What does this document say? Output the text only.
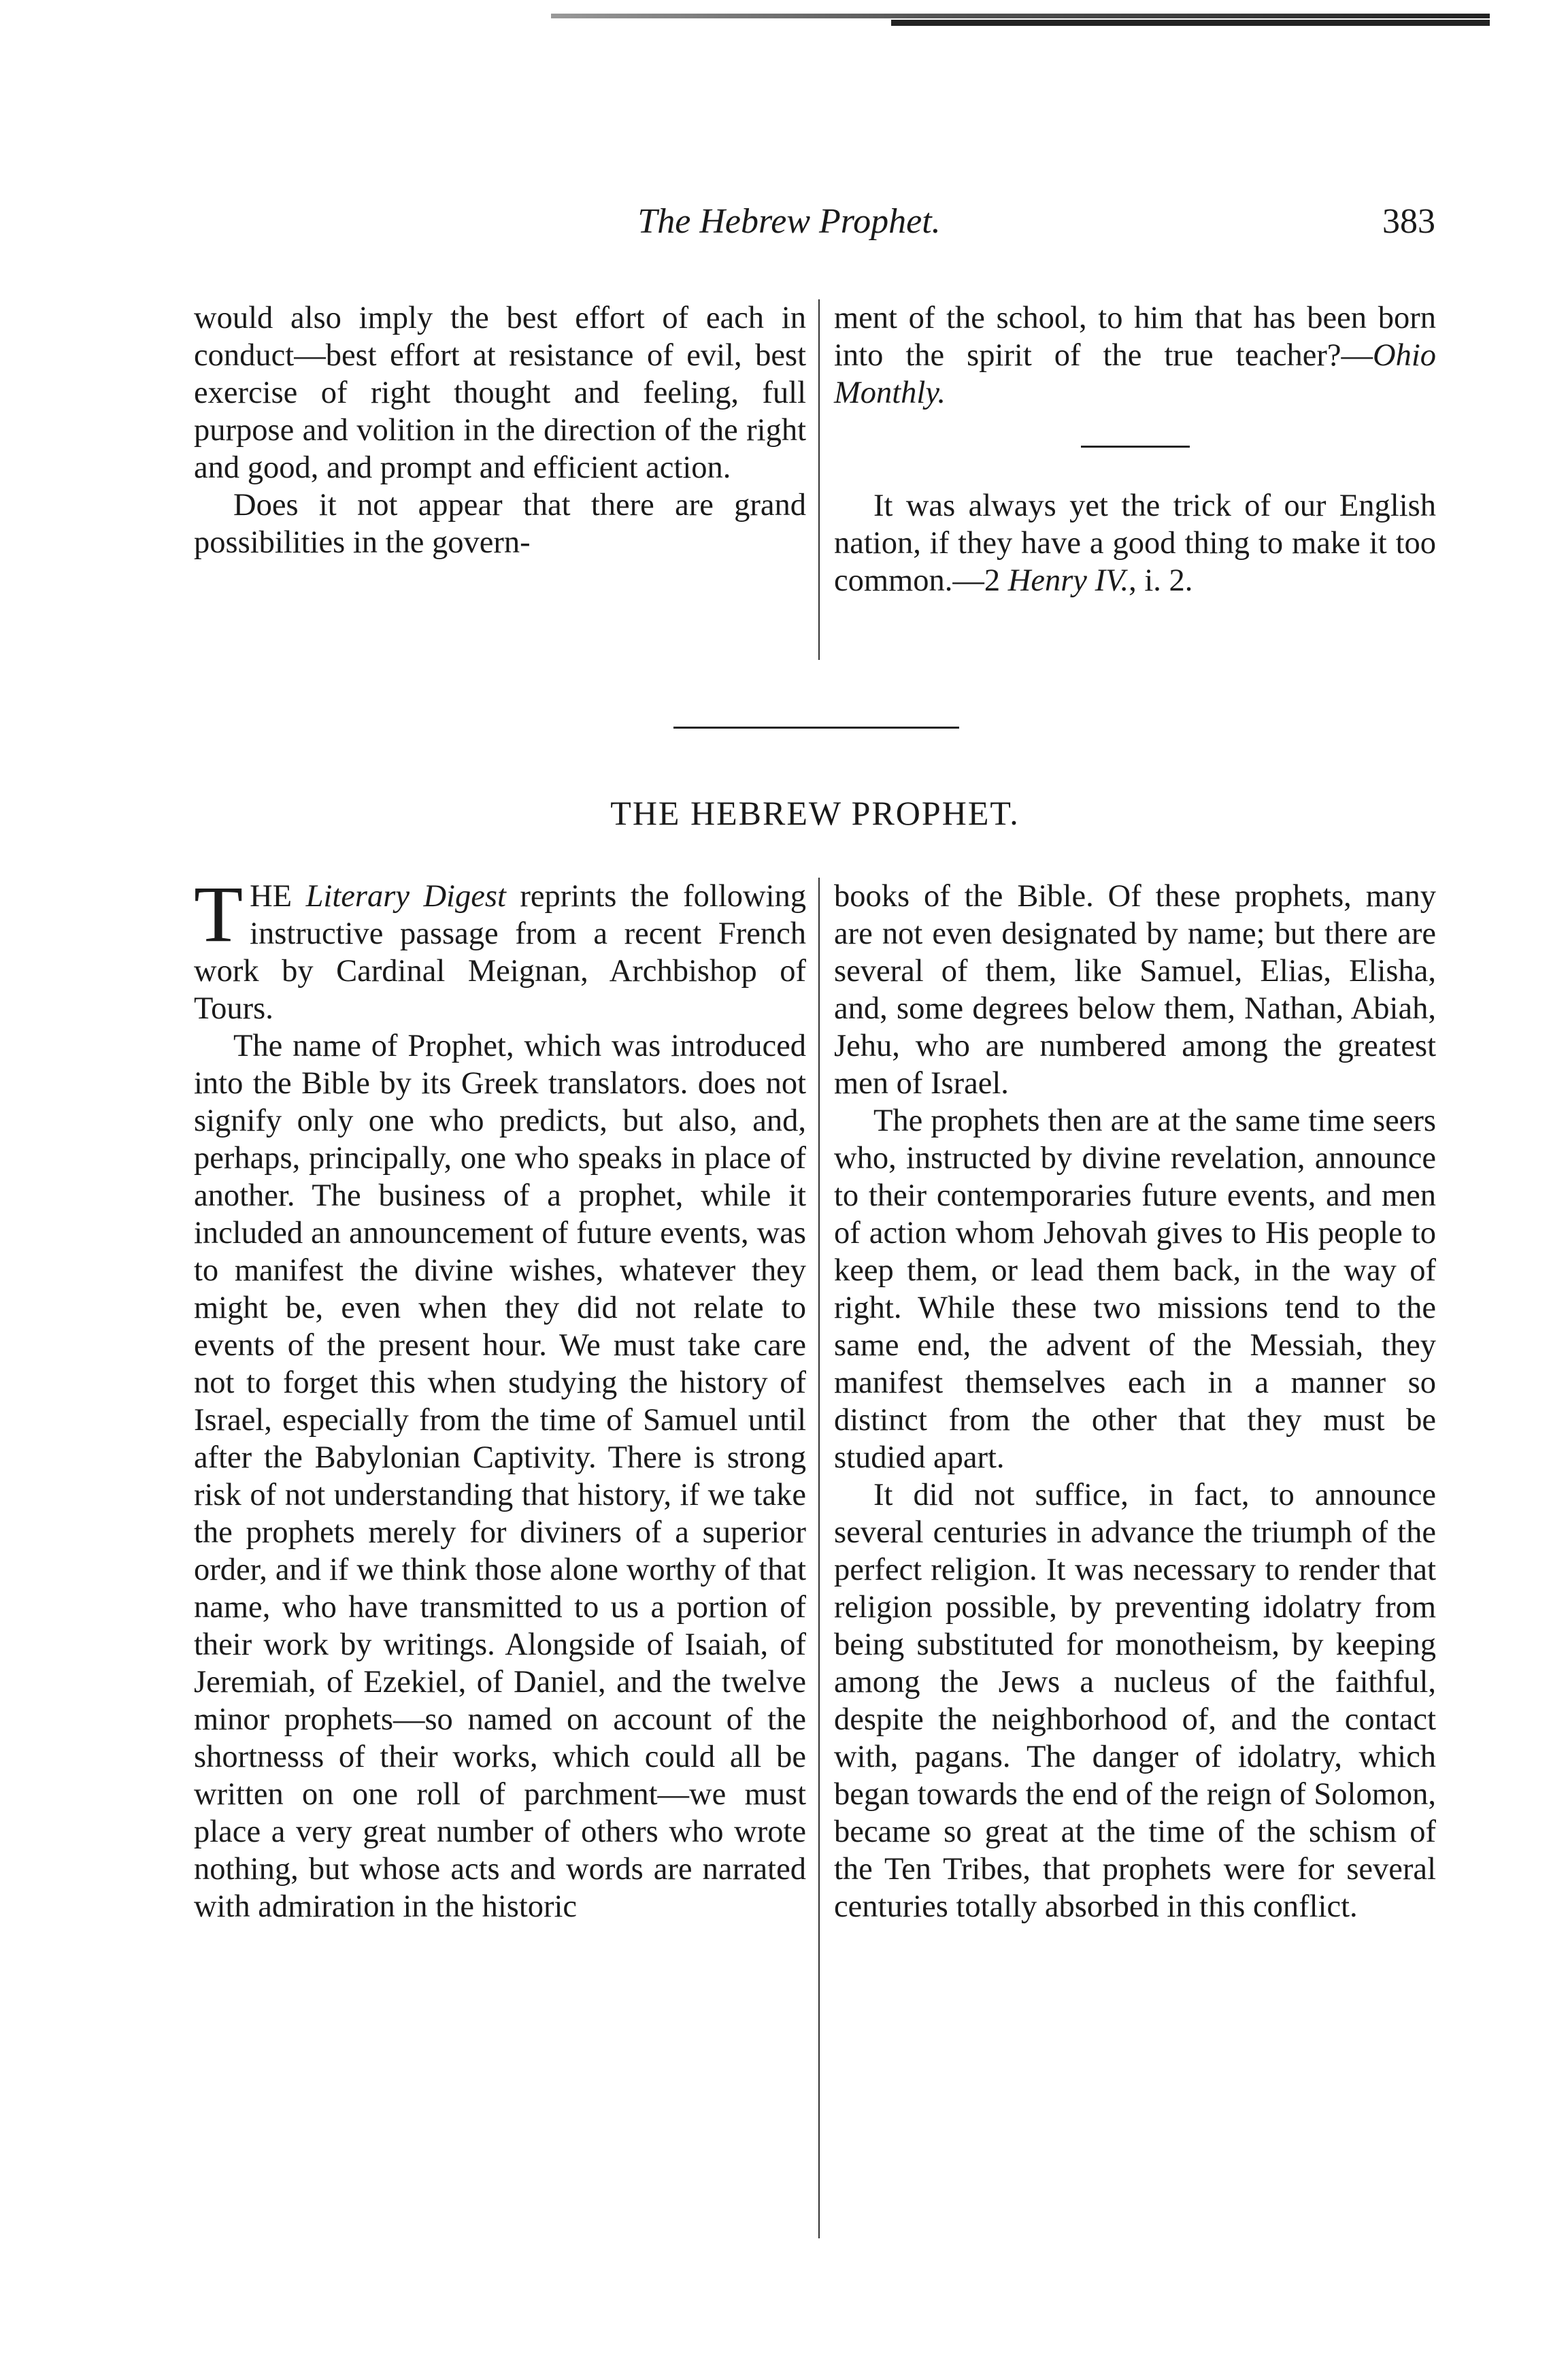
The Hebrew Prophet.	383

would also imply the best effort of each in conduct—best effort at resistance of evil, best exercise of right thought and feeling, full purpose and volition in the direction of the right and good, and prompt and efficient action.

Does it not appear that there are grand possibilities in the govern-

ment of the school, to him that has been born into the spirit of the true teacher?—Ohio Monthly.

It was always yet the trick of our English nation, if they have a good thing to make it too common.—2 Henry IV., i. 2.

THE HEBREW PROPHET.

THE Literary Digest reprints the following instructive passage from a recent French work by Cardinal Meignan, Archbishop of Tours.

The name of Prophet, which was introduced into the Bible by its Greek translators. does not signify only one who predicts, but also, and, perhaps, principally, one who speaks in place of another. The business of a prophet, while it included an announcement of future events, was to manifest the divine wishes, whatever they might be, even when they did not relate to events of the present hour. We must take care not to forget this when studying the history of Israel, especially from the time of Samuel until after the Babylonian Captivity. There is strong risk of not understanding that history, if we take the prophets merely for diviners of a superior order, and if we think those alone worthy of that name, who have transmitted to us a portion of their work by writings. Alongside of Isaiah, of Jeremiah, of Ezekiel, of Daniel, and the twelve minor prophets—so named on account of the shortnesss of their works, which could all be written on one roll of parchment—we must place a very great number of others who wrote nothing, but whose acts and words are narrated with admiration in the historic

books of the Bible. Of these prophets, many are not even designated by name; but there are several of them, like Samuel, Elias, Elisha, and, some degrees below them, Nathan, Abiah, Jehu, who are numbered among the greatest men of Israel.

The prophets then are at the same time seers who, instructed by divine revelation, announce to their contemporaries future events, and men of action whom Jehovah gives to His people to keep them, or lead them back, in the way of right. While these two missions tend to the same end, the advent of the Messiah, they manifest themselves each in a manner so distinct from the other that they must be studied apart.

It did not suffice, in fact, to announce several centuries in advance the triumph of the perfect religion. It was necessary to render that religion possible, by preventing idolatry from being substituted for monotheism, by keeping among the Jews a nucleus of the faithful, despite the neighborhood of, and the contact with, pagans. The danger of idolatry, which began towards the end of the reign of Solomon, became so great at the time of the schism of the Ten Tribes, that prophets were for several centuries totally absorbed in this conflict.
